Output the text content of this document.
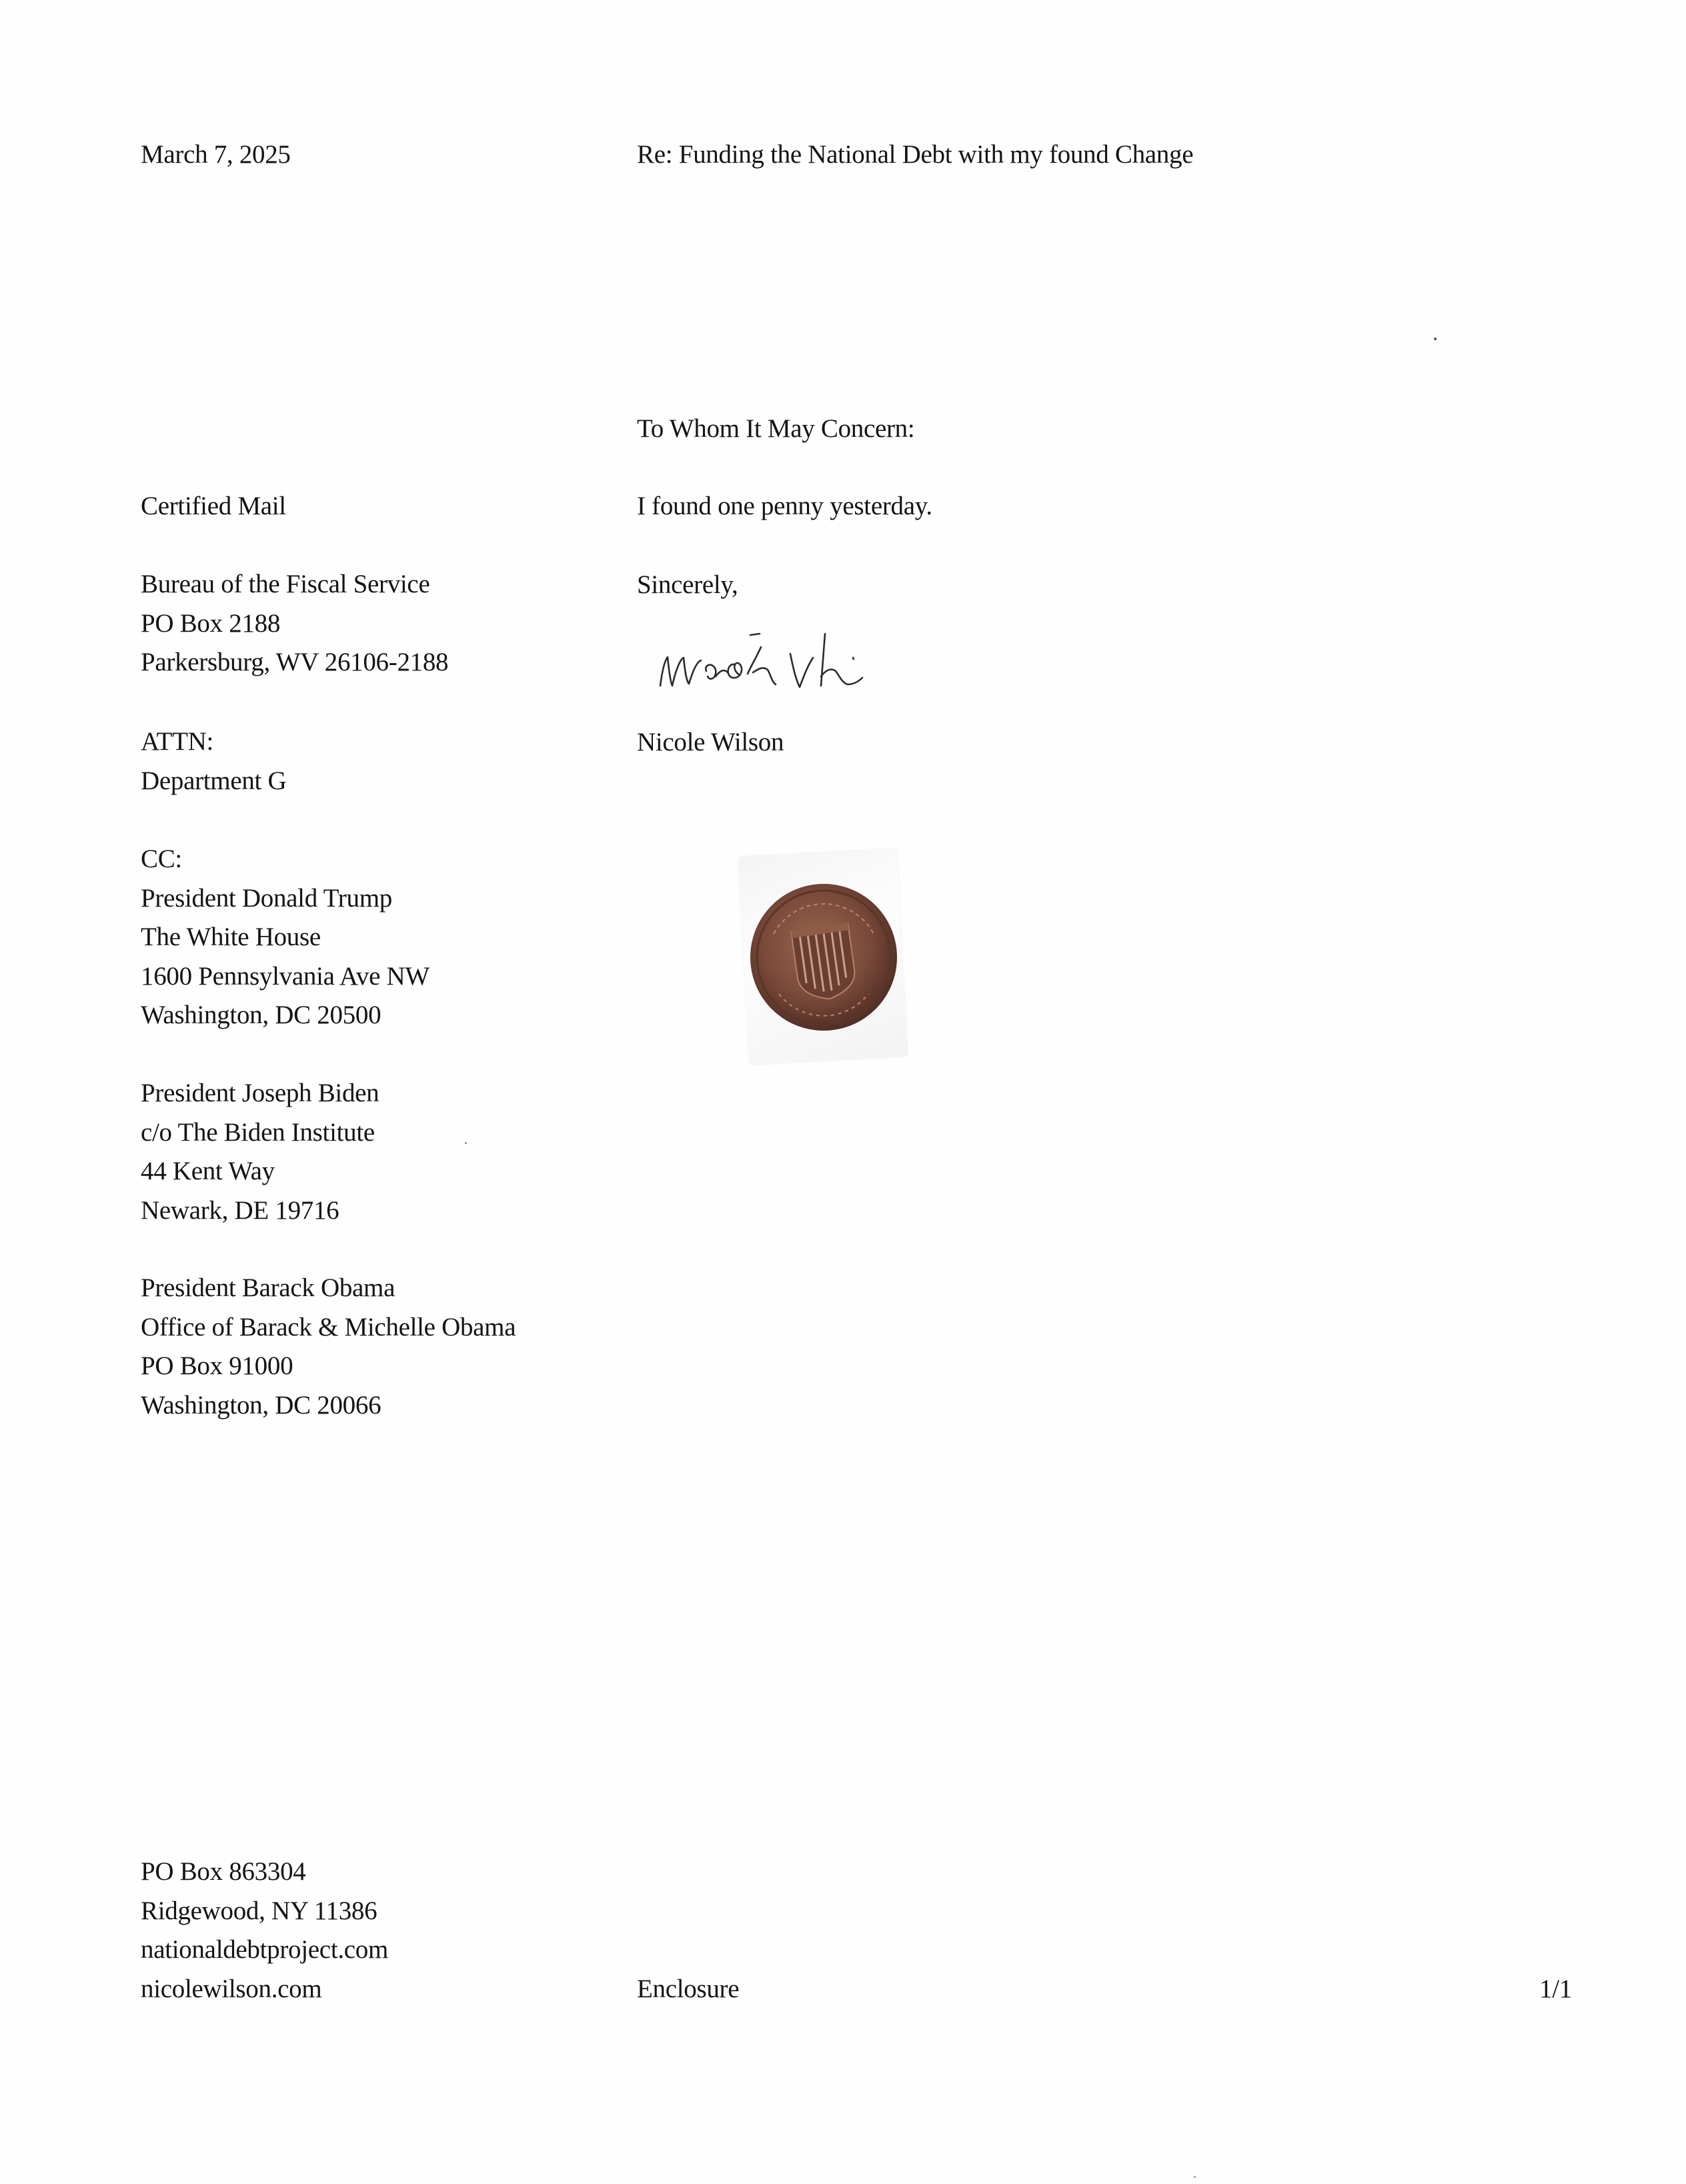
March 7, 2025	Re: Funding the National Debt with my found Change
To Whom It May Concern:
I found one penny yesterday.
Sincerely,
Nicole Wilson
Certified Mail
Bureau of the Fiscal Service
PO Box 2188
Parkersburg, WV 26106-2188
ATTN:
Department G
CC:
President Donald Trump
The White House
1600 Pennsylvania Ave NW
Washington, DC 20500
President Joseph Biden
c/o The Biden Institute
44 Kent Way
Newark, DE 19716
President Barack Obama
Office of Barack & Michelle Obama
PO Box 91000
Washington, DC 20066
PO Box 863304
Ridgewood, NY 11386
nationaldebtproject.com
nicolewilson.com	Enclosure	1/1
